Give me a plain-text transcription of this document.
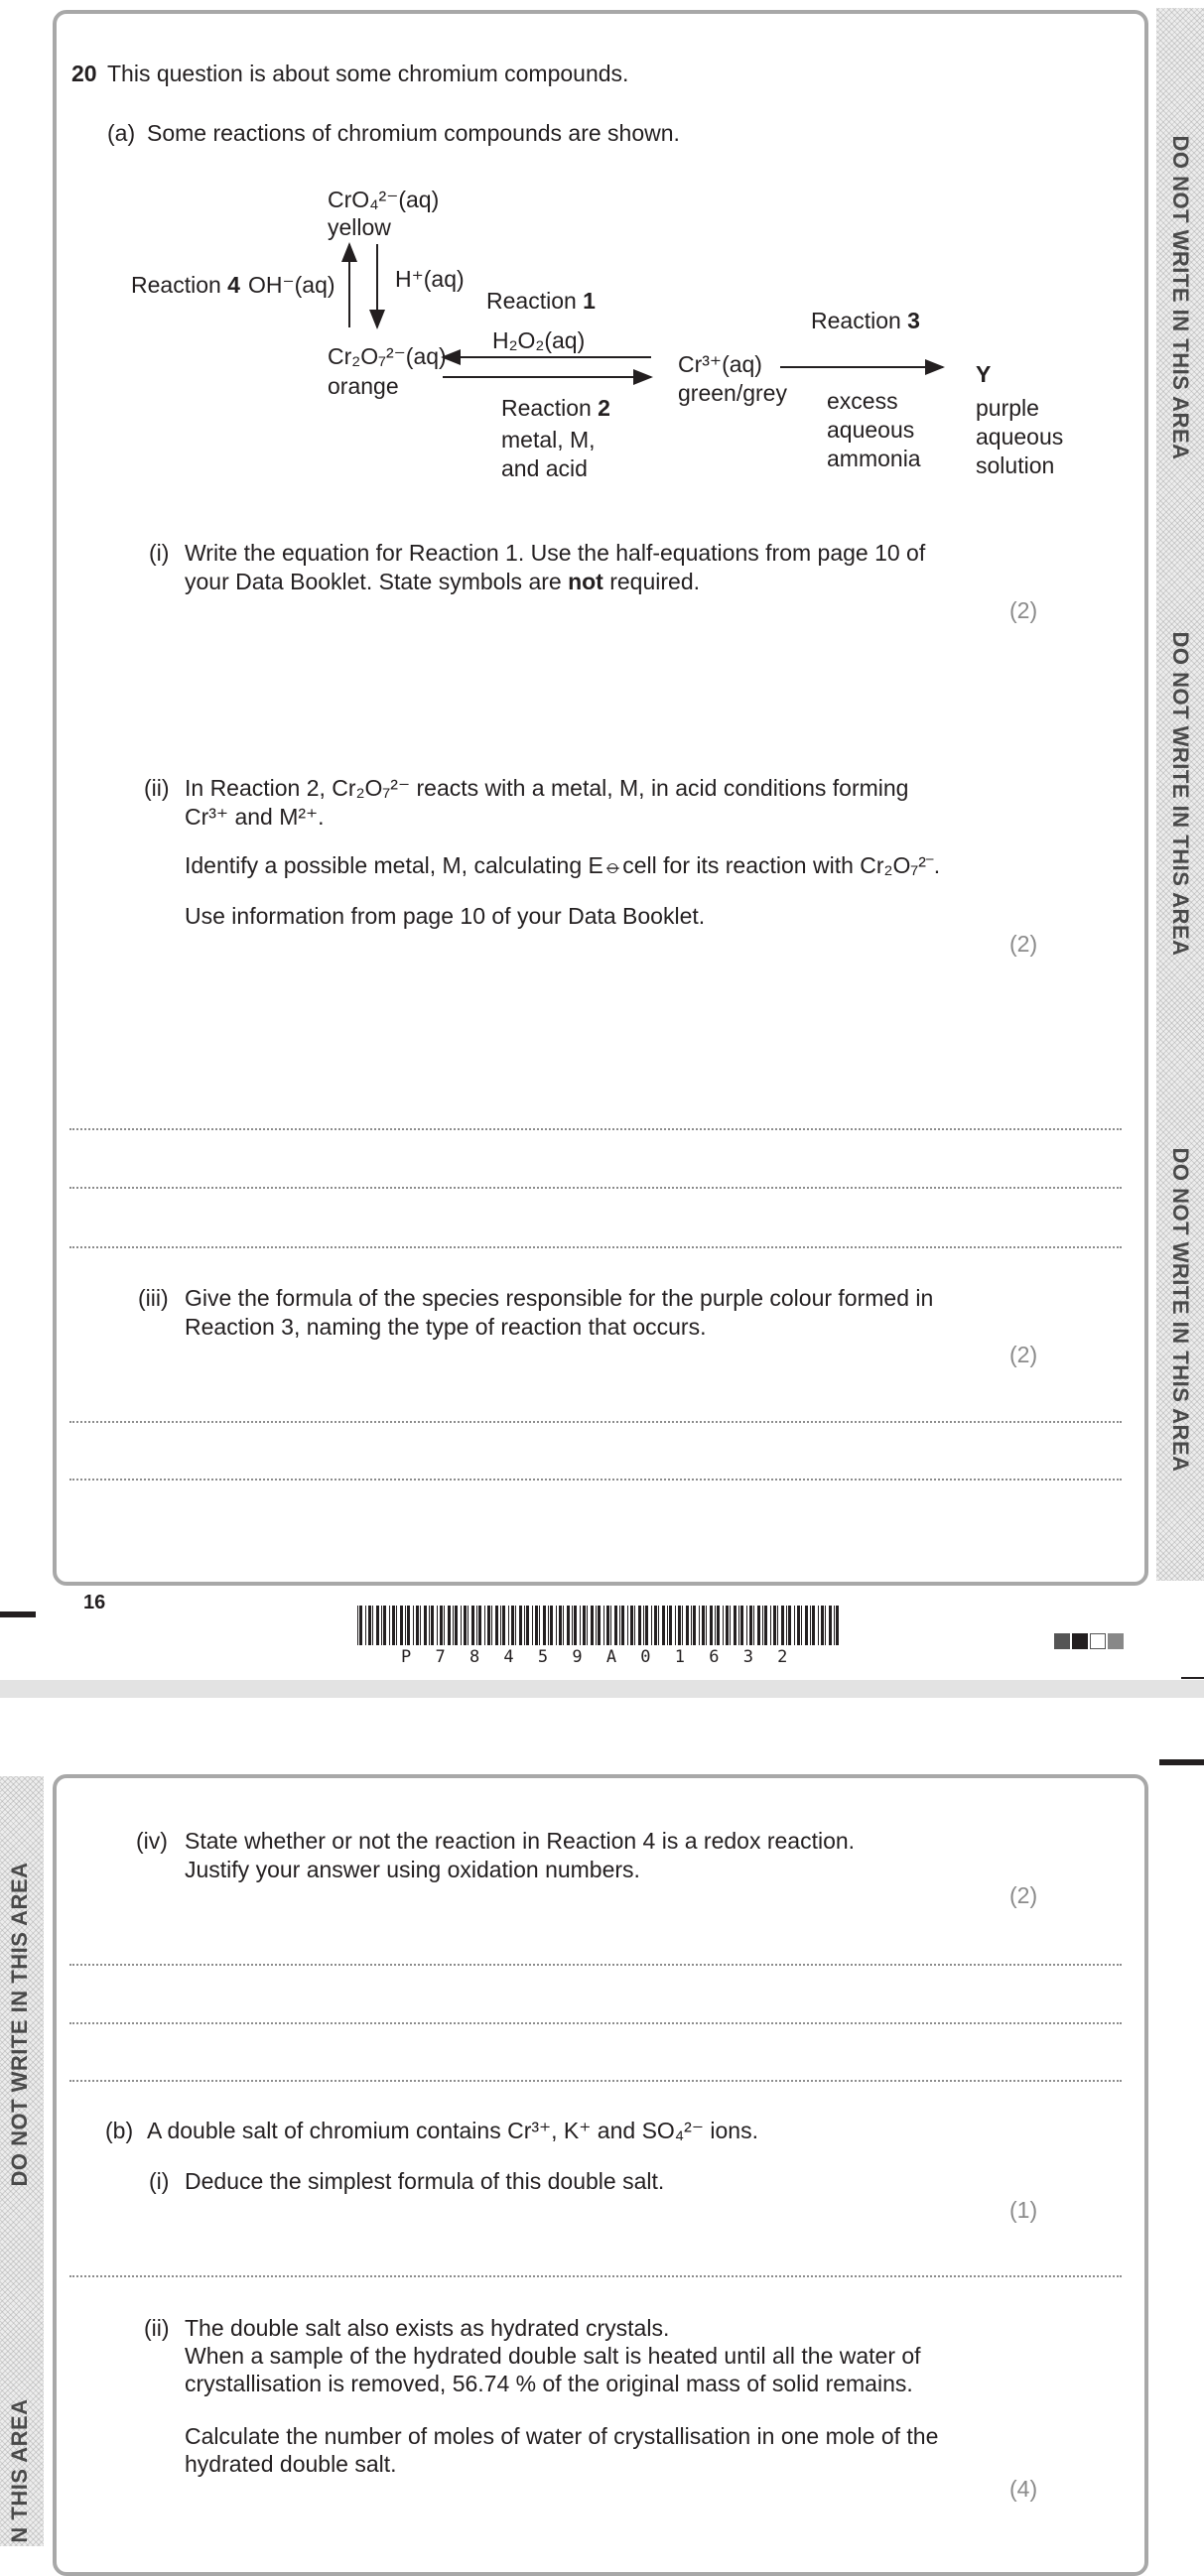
DO NOT WRITE IN THIS AREA
DO NOT WRITE IN THIS AREA
DO NOT WRITE IN THIS AREA
20 This question is about some chromium compounds.
(a) Some reactions of chromium compounds are shown.
CrO₄²⁻(aq)
yellow
Reaction 4 OH⁻(aq)	H⁺(aq)
Reaction 1
H₂O₂(aq)
Cr₂O₇²⁻(aq)
orange
Reaction 2
metal, M,
and acid
Cr³⁺(aq)
green/grey
Reaction 3
excess
aqueous
ammonia
Y
purple
aqueous
solution
(i) Write the equation for Reaction 1. Use the half-equations from page 10 of
your Data Booklet. State symbols are not required.
(2)
(ii) In Reaction 2, Cr₂O₇²⁻ reacts with a metal, M, in acid conditions forming
Cr³⁺ and M²⁺.
Identify a possible metal, M, calculating E⦵cell for its reaction with Cr₂O₇²⁻.
Use information from page 10 of your Data Booklet.
(2)
(iii) Give the formula of the species responsible for the purple colour formed in
Reaction 3, naming the type of reaction that occurs.
(2)
16
P 7 8 4 5 9 A 0 1 6 3 2
DO NOT WRITE IN THIS AREA
N THIS AREA
(iv) State whether or not the reaction in Reaction 4 is a redox reaction.
Justify your answer using oxidation numbers.
(2)
(b) A double salt of chromium contains Cr³⁺, K⁺ and SO₄²⁻ ions.
(i) Deduce the simplest formula of this double salt.
(1)
(ii) The double salt also exists as hydrated crystals.
When a sample of the hydrated double salt is heated until all the water of
crystallisation is removed, 56.74 % of the original mass of solid remains.
Calculate the number of moles of water of crystallisation in one mole of the
hydrated double salt.
(4)
